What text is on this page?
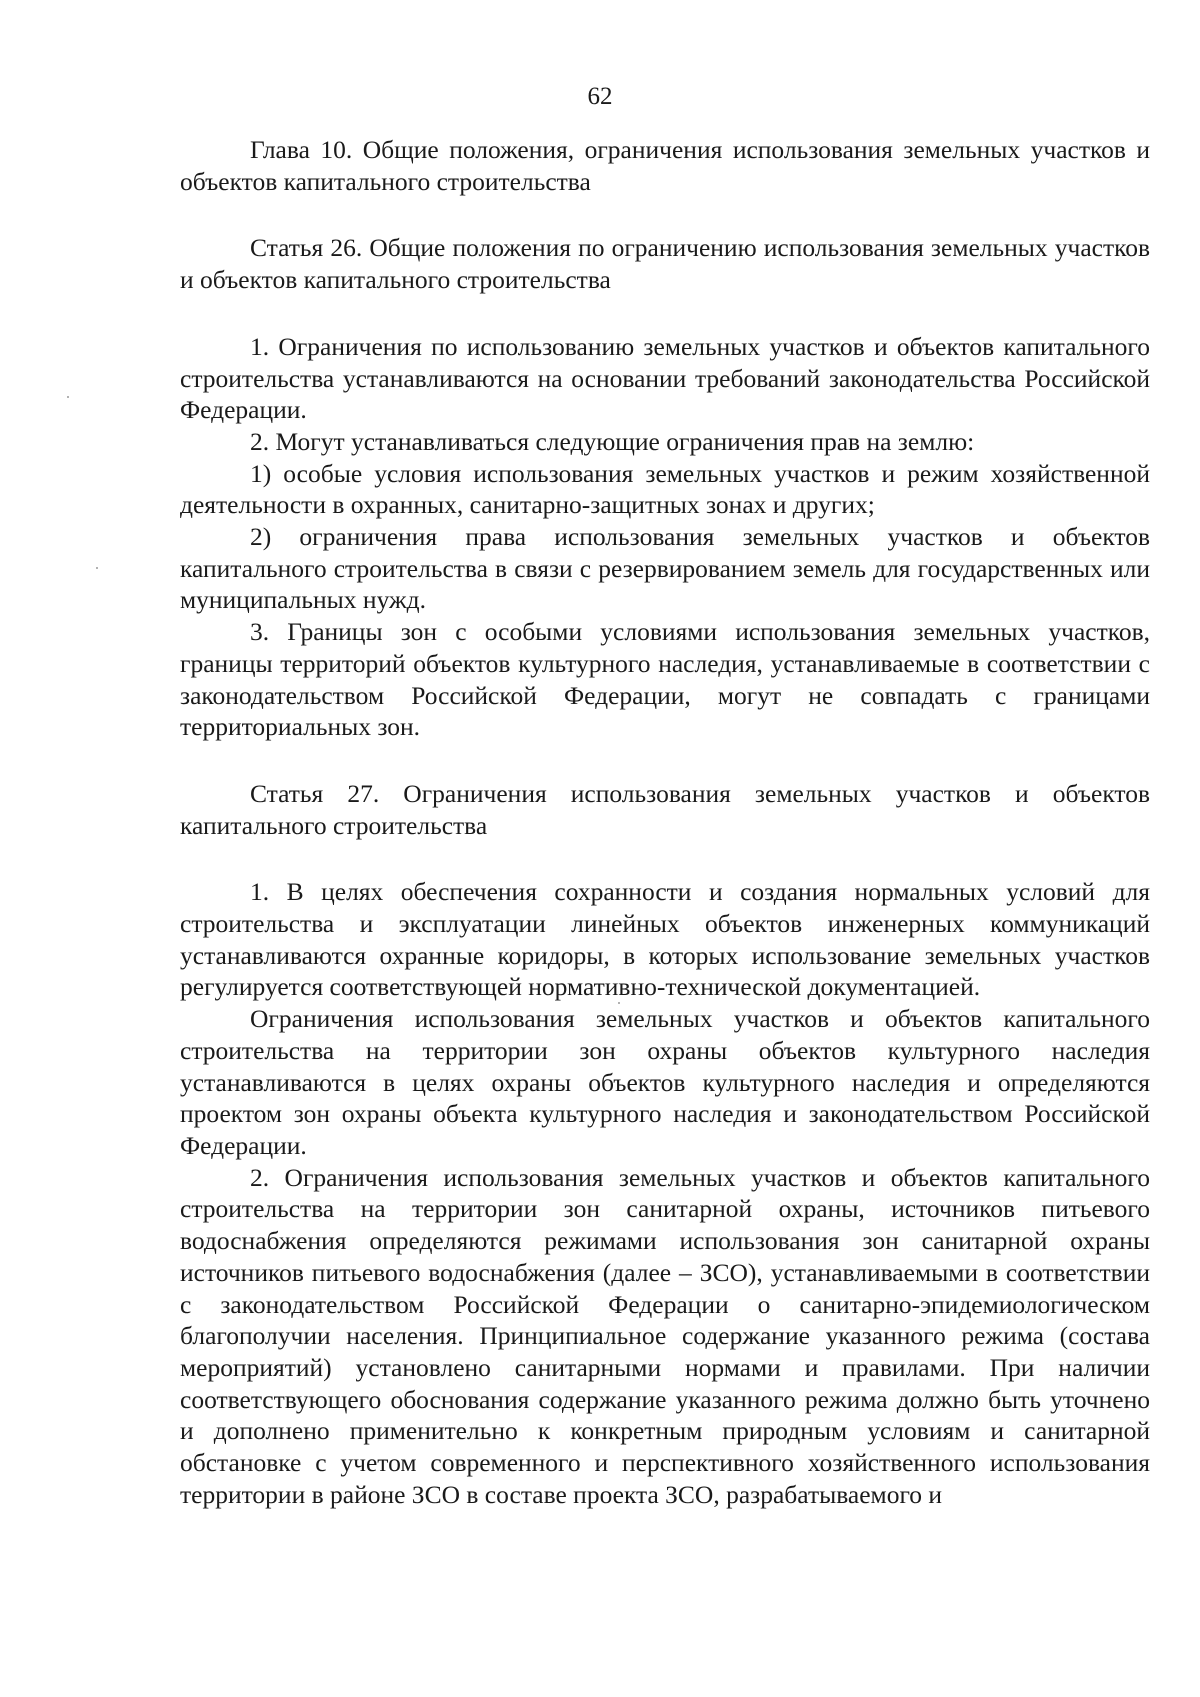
62
Глава 10. Общие положения, ограничения использования земельных участков и объектов капитального строительства
Статья 26. Общие положения по ограничению использования земельных участков и объектов капитального строительства

1. Ограничения по использованию земельных участков и объектов капитального строительства устанавливаются на основании требований законодательства Российской Федерации.

2. Могут устанавливаться следующие ограничения прав на землю:

1) особые условия использования земельных участков и режим хозяйственной деятельности в охранных, санитарно-защитных зонах и других;

2) ограничения права использования земельных участков и объектов капитального строительства в связи с резервированием земель для государственных или муниципальных нужд.

3. Границы зон с особыми условиями использования земельных участков, границы территорий объектов культурного наследия, устанавливаемые в соответствии с законодательством Российской Федерации, могут не совпадать с границами территориальных зон.

Статья 27. Ограничения использования земельных участков и объектов капитального строительства

1. В целях обеспечения сохранности и создания нормальных условий для строительства и эксплуатации линейных объектов инженерных коммуникаций устанавливаются охранные коридоры, в которых использование земельных участков регулируется соответствующей нормативно-технической документацией.

Ограничения использования земельных участков и объектов капитального строительства на территории зон охраны объектов культурного наследия устанавливаются в целях охраны объектов культурного наследия и определяются проектом зон охраны объекта культурного наследия и законодательством Российской Федерации.

2. Ограничения использования земельных участков и объектов капитального строительства на территории зон санитарной охраны, источников питьевого водоснабжения определяются режимами использования зон санитарной охраны источников питьевого водоснабжения (далее – ЗСО), устанавливаемыми в соответствии с законодательством Российской Федерации о санитарно-эпидемиологическом благополучии населения. Принципиальное содержание указанного режима (состава мероприятий) установлено санитарными нормами и правилами. При наличии соответствующего обоснования содержание указанного режима должно быть уточнено и дополнено применительно к конкретным природным условиям и санитарной обстановке с учетом современного и перспективного хозяйственного использования территории в районе ЗСО в составе проекта ЗСО, разрабатываемого и
